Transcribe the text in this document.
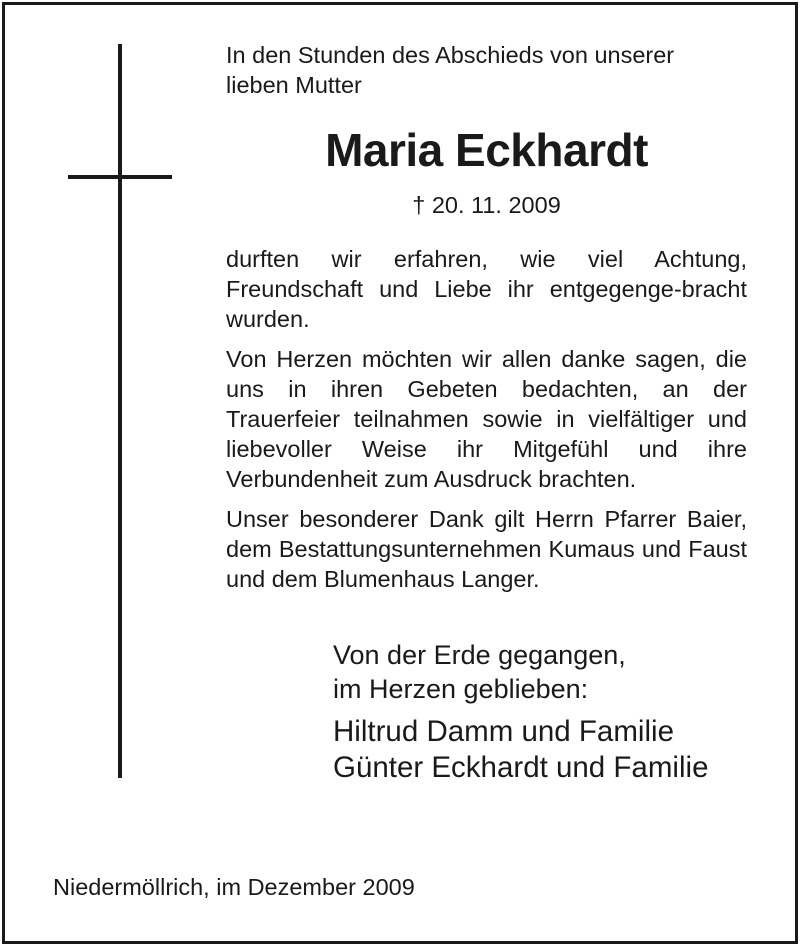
In den Stunden des Abschieds von unserer
lieben Mutter
Maria Eckhardt
† 20. 11. 2009

durften wir erfahren, wie viel Achtung, Freundschaft und Liebe ihr entgegenge-bracht wurden.

Von Herzen möchten wir allen danke sagen, die uns in ihren Gebeten bedachten, an der Trauerfeier teilnahmen sowie in vielfältiger und liebevoller Weise ihr Mitgefühl und ihre Verbundenheit zum Ausdruck brachten.

Unser besonderer Dank gilt Herrn Pfarrer Baier, dem Bestattungsunternehmen Kumaus und Faust und dem Blumenhaus Langer.

Von der Erde gegangen,
im Herzen geblieben:
Hiltrud Damm und Familie
Günter Eckhardt und Familie
Niedermöllrich, im Dezember 2009
